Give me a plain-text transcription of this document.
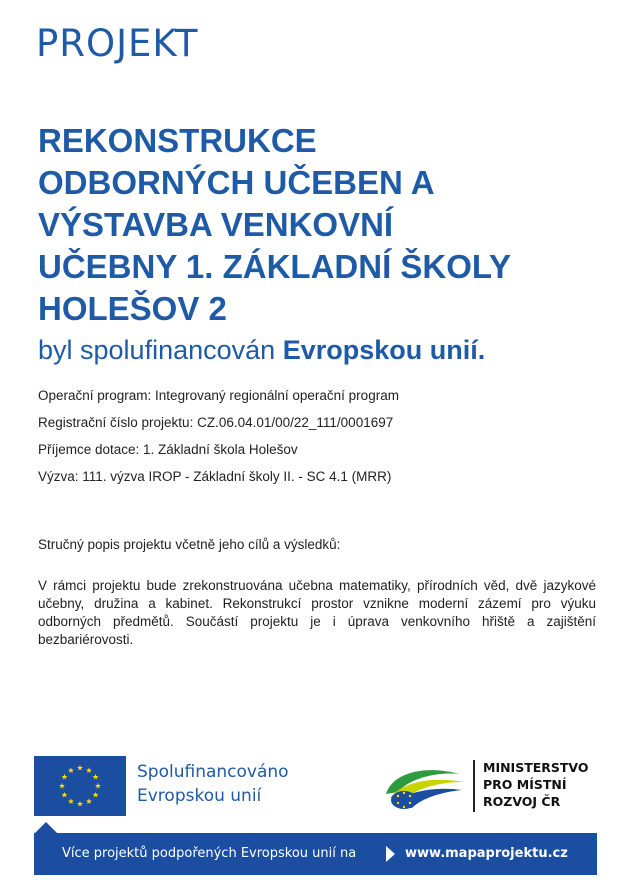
PROJEKT
REKONSTRUKCE
ODBORNÝCH UČEBEN A
VÝSTAVBA VENKOVNÍ
UČEBNY 1. ZÁKLADNÍ ŠKOLY
HOLEŠOV 2
byl spolufinancován Evropskou unií.
Operační program: Integrovaný regionální operační program
Registrační číslo projektu: CZ.06.04.01/00/22_111/0001697
Příjemce dotace: 1. Základní škola Holešov
Výzva: 111. výzva IROP - Základní školy II. - SC 4.1 (MRR)
Stručný popis projektu včetně jeho cílů a výsledků:

V rámci projektu bude zrekonstruována učebna matematiky, přírodních věd, dvě jazykové učebny, družina a kabinet. Rekonstrukcí prostor vznikne moderní zázemí pro výuku odborných předmětů. Součástí projektu je i úprava venkovního hřiště a zajištění bezbariérovosti.

★ ★
★
★
★
★
★
★
★
★
★
★	Spolufinancováno
Evropskou unií
MINISTERSTVO
PRO MÍSTNÍ
ROZVOJ ČR
Více projektů podpořených Evropskou unií na	www.mapaprojektu.cz
